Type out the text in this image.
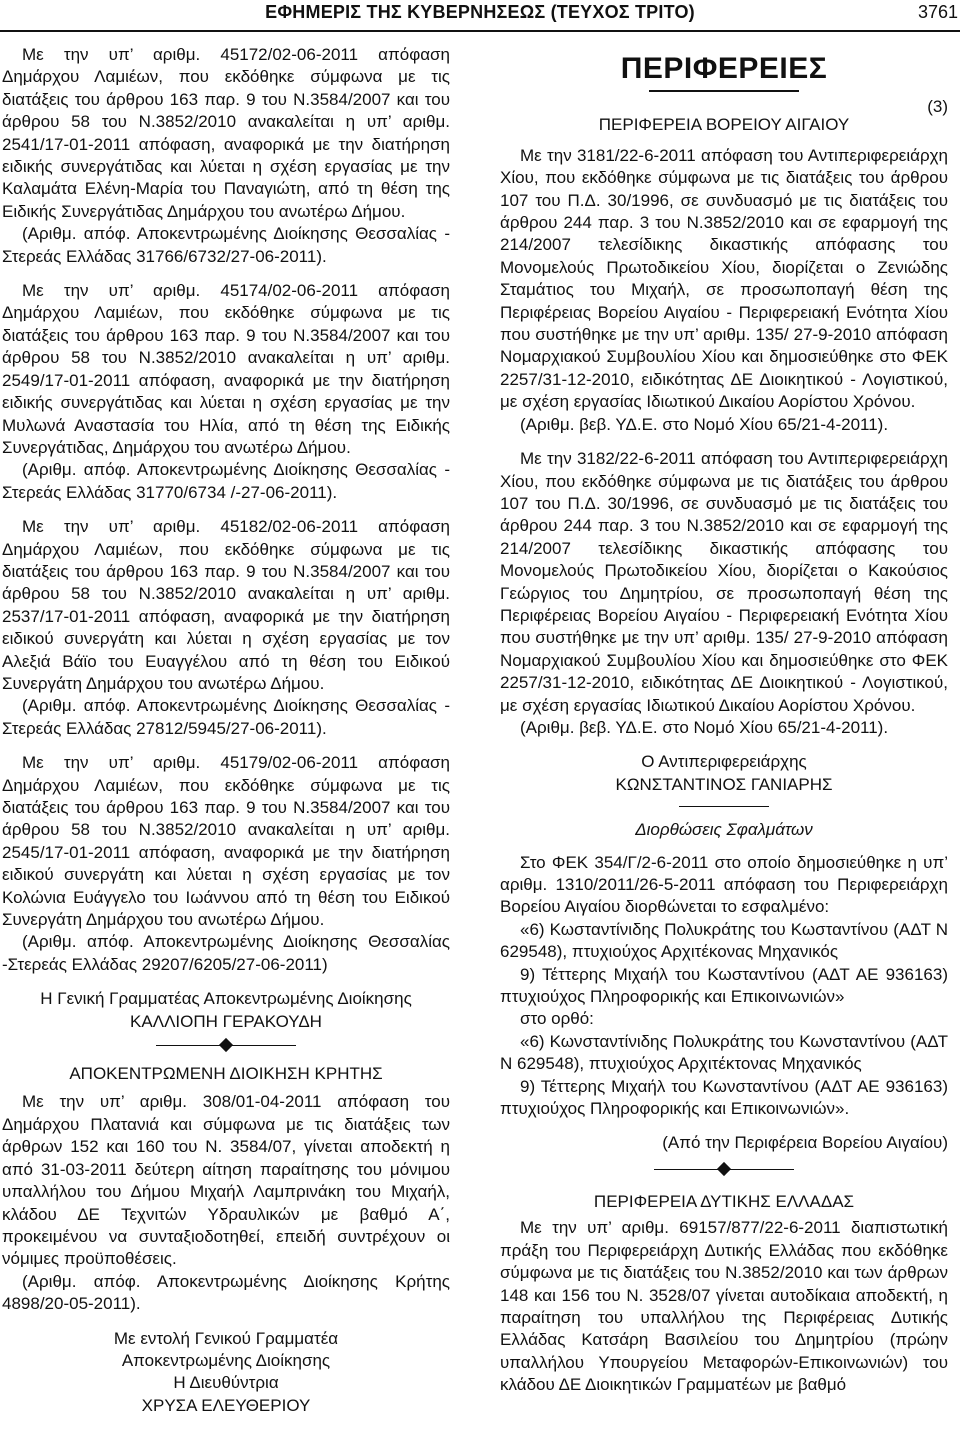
ΕΦΗΜΕΡΙΣ ΤΗΣ ΚΥΒΕΡΝΗΣΕΩΣ (ΤΕΥΧΟΣ ΤΡΙΤΟ)	3761

Με την υπ’ αριθμ. 45172/02-06-2011 απόφαση Δημάρχου Λαμιέων, που εκδόθηκε σύμφωνα με τις διατάξεις του άρθρου 163 παρ. 9 του Ν.3584/2007 και του άρθρου 58 του Ν.3852/2010 ανακαλείται η υπ’ αριθμ. 2541/17-01-2011 απόφαση, αναφορικά με την διατήρηση ειδικής συνεργάτιδας και λύεται η σχέση εργασίας με την Καλαμάτα Ελένη-Μαρία του Παναγιώτη, από τη θέση της Ειδικής Συνεργάτιδας Δημάρχου του ανωτέρω Δήμου.

(Αριθμ. απόφ. Αποκεντρωμένης Διοίκησης Θεσσαλίας - Στερεάς Ελλάδας 31766/6732/27-06-2011).

Με την υπ’ αριθμ. 45174/02-06-2011 απόφαση Δημάρχου Λαμιέων, που εκδόθηκε σύμφωνα με τις διατάξεις του άρθρου 163 παρ. 9 του Ν.3584/2007 και του άρθρου 58 του Ν.3852/2010 ανακαλείται η υπ’ αριθμ. 2549/17-01-2011 απόφαση, αναφορικά με την διατήρηση ειδικής συνεργάτιδας και λύεται η σχέση εργασίας με την Μυλωνά Αναστασία του Ηλία, από τη θέση της Ειδικής Συνεργάτιδας, Δημάρχου του ανωτέρω Δήμου.

(Αριθμ. απόφ. Αποκεντρωμένης Διοίκησης Θεσσαλίας - Στερεάς Ελλάδας 31770/6734 /-27-06-2011).

Με την υπ’ αριθμ. 45182/02-06-2011 απόφαση Δημάρχου Λαμιέων, που εκδόθηκε σύμφωνα με τις διατάξεις του άρθρου 163 παρ. 9 του Ν.3584/2007 και του άρθρου 58 του Ν.3852/2010 ανακαλείται η υπ’ αριθμ. 2537/17-01-2011 απόφαση, αναφορικά με την διατήρηση ειδικού συνεργάτη και λύεται η σχέση εργασίας με τον Αλεξιά Βάϊο του Ευαγγέλου από τη θέση του Ειδικού Συνεργάτη Δημάρχου του ανωτέρω Δήμου.

(Αριθμ. απόφ. Αποκεντρωμένης Διοίκησης Θεσσαλίας - Στερεάς Ελλάδας 27812/5945/27-06-2011).

Με την υπ’ αριθμ. 45179/02-06-2011 απόφαση Δημάρχου Λαμιέων, που εκδόθηκε σύμφωνα με τις διατάξεις του άρθρου 163 παρ. 9 του Ν.3584/2007 και του άρθρου 58 του Ν.3852/2010 ανακαλείται η υπ’ αριθμ. 2545/17-01-2011 απόφαση, αναφορικά με την διατήρηση ειδικού συνεργάτη και λύεται η σχέση εργασίας με τον Κολώνια Ευάγγελο του Ιωάννου από τη θέση του Ειδικού Συνεργάτη Δημάρχου του ανωτέρω Δήμου.

(Αριθμ. απόφ. Αποκεντρωμένης Διοίκησης Θεσσαλίας -Στερεάς Ελλάδας 29207/6205/27-06-2011)

Η Γενική Γραμματέας Αποκεντρωμένης Διοίκησης

ΚΑΛΛΙΟΠΗ ΓΕΡΑΚΟΥΔΗ

ΑΠΟΚΕΝΤΡΩΜΕΝΗ ΔΙΟΙΚΗΣΗ ΚΡΗΤΗΣ

Με την υπ’ αριθμ. 308/01-04-2011 απόφαση του Δημάρχου Πλατανιά και σύμφωνα με τις διατάξεις των άρθρων 152 και 160 του Ν. 3584/07, γίνεται αποδεκτή η από 31-03-2011 δεύτερη αίτηση παραίτησης του μόνιμου υπαλλήλου του Δήμου Μιχαήλ Λαμπρινάκη του Μιχαήλ, κλάδου ΔΕ Τεχνιτών Υδραυλικών με βαθμό Α΄, προκειμένου να συνταξιοδοτηθεί, επειδή συντρέχουν οι νόμιμες προϋποθέσεις.

(Αριθμ. απόφ. Αποκεντρωμένης Διοίκησης Κρήτης 4898/20-05-2011).

Με εντολή Γενικού Γραμματέα

Αποκεντρωμένης Διοίκησης

Η Διευθύντρια

ΧΡΥΣΑ ΕΛΕΥΘΕΡΙΟΥ

ΠΕΡΙΦΕΡΕΙΕΣ

(3)

ΠΕΡΙΦΕΡΕΙΑ ΒΟΡΕΙΟΥ ΑΙΓΑΙΟΥ

Με την 3181/22-6-2011 απόφαση του Αντιπεριφερειάρχη Χίου, που εκδόθηκε σύμφωνα με τις διατάξεις του άρθρου 107 του Π.Δ. 30/1996, σε συνδυασμό με τις διατάξεις του άρθρου 244 παρ. 3 του Ν.3852/2010 και σε εφαρμογή της 214/2007 τελεσίδικης δικαστικής απόφασης του Μονομελούς Πρωτοδικείου Χίου, διορίζεται ο Ζενιώδης Σταμάτιος του Μιχαήλ, σε προσωποπαγή θέση της Περιφέρειας Βορείου Αιγαίου - Περιφερειακή Ενότητα Χίου που συστήθηκε με την υπ’ αριθμ. 135/ 27-9-2010 απόφαση Νομαρχιακού Συμβουλίου Χίου και δημοσιεύθηκε στο ΦΕΚ 2257/31-12-2010, ειδικότητας ΔΕ Διοικητικού - Λογιστικού, με σχέση εργασίας Ιδιωτικού Δικαίου Αορίστου Χρόνου.

(Αριθμ. βεβ. ΥΔ.Ε. στο Νομό Χίου 65/21-4-2011).

Με την 3182/22-6-2011 απόφαση του Αντιπεριφερειάρχη Χίου, που εκδόθηκε σύμφωνα με τις διατάξεις του άρθρου 107 του Π.Δ. 30/1996, σε συνδυασμό με τις διατάξεις του άρθρου 244 παρ. 3 του Ν.3852/2010 και σε εφαρμογή της 214/2007 τελεσίδικης δικαστικής απόφασης του Μονομελούς Πρωτοδικείου Χίου, διορίζεται ο Κακούσιος Γεώργιος του Δημητρίου, σε προσωποπαγή θέση της Περιφέρειας Βορείου Αιγαίου - Περιφερειακή Ενότητα Χίου που συστήθηκε με την υπ’ αριθμ. 135/ 27-9-2010 απόφαση Νομαρχιακού Συμβουλίου Χίου και δημοσιεύθηκε στο ΦΕΚ 2257/31-12-2010, ειδικότητας ΔΕ Διοικητικού - Λογιστικού, με σχέση εργασίας Ιδιωτικού Δικαίου Αορίστου Χρόνου.

(Αριθμ. βεβ. ΥΔ.Ε. στο Νομό Χίου 65/21-4-2011).

Ο Αντιπεριφερειάρχης

ΚΩΝΣΤΑΝΤΙΝΟΣ ΓΑΝΙΑΡΗΣ

Διορθώσεις Σφαλμάτων

Στο ΦΕΚ 354/Γ/2-6-2011 στο οποίο δημοσιεύθηκε η υπ’ αριθμ. 1310/2011/26-5-2011 απόφαση του Περιφερειάρχη Βορείου Αιγαίου διορθώνεται το εσφαλμένο:

«6) Κωσταντίνιδης Πολυκράτης του Κωσταντίνου (ΑΔΤ Ν 629548), πτυχιούχος Αρχιτέκονας Μηχανικός

9) Τέττερης Μιχαήλ του Κωσταντίνου (ΑΔΤ ΑΕ 936163) πτυχιούχος Πληροφορικής και Επικοινωνιών»

στο ορθό:

«6) Κωνσταντίνιδης Πολυκράτης του Κωνσταντίνου (ΑΔΤ Ν 629548), πτυχιούχος Αρχιτέκτονας Μηχανικός

9) Τέττερης Μιχαήλ του Κωνσταντίνου (ΑΔΤ ΑΕ 936163) πτυχιούχος Πληροφορικής και Επικοινωνιών».

(Από την Περιφέρεια Βορείου Αιγαίου)

ΠΕΡΙΦΕΡΕΙΑ ΔΥΤΙΚΗΣ ΕΛΛΑΔΑΣ

Με την υπ’ αριθμ. 69157/877/22-6-2011 διαπιστωτική πράξη του Περιφερειάρχη Δυτικής Ελλάδας που εκδόθηκε σύμφωνα με τις διατάξεις του Ν.3852/2010 και των άρθρων 148 και 156 του Ν. 3528/07 γίνεται αυτοδίκαια αποδεκτή, η παραίτηση του υπαλλήλου της Περιφέρειας Δυτικής Ελλάδας Κατσάρη Βασιλείου του Δημητρίου (πρώην υπαλλήλου Υπουργείου Μεταφορών-Επικοινωνιών) του κλάδου ΔΕ Διοικητικών Γραμματέων με βαθμό
